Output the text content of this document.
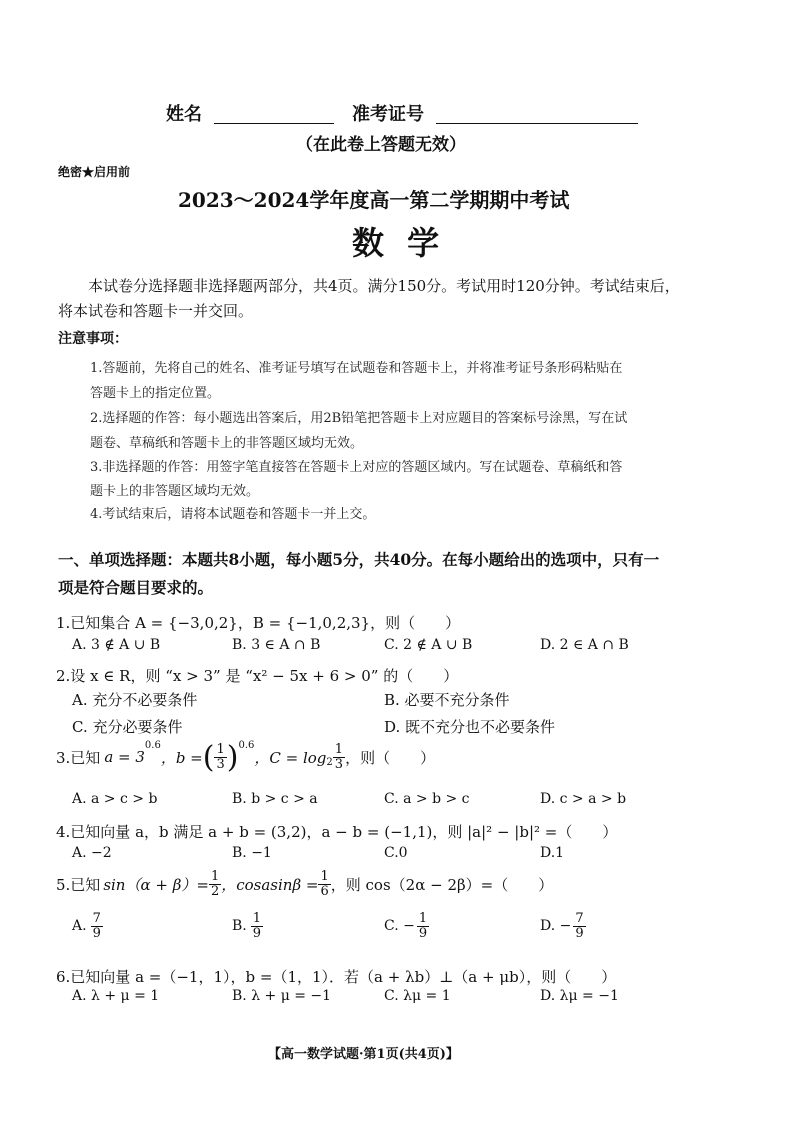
姓名	准考证号
（在此卷上答题无效）
绝密★启用前
2023～2024学年度高一第二学期期中考试
数 学
本试卷分选择题非选择题两部分，共4页。满分150分。考试用时120分钟。考试结束后，
将本试卷和答题卡一并交回。
注意事项：
1.答题前，先将自己的姓名、准考证号填写在试题卷和答题卡上，并将准考证号条形码粘贴在
答题卡上的指定位置。
2.选择题的作答：每小题选出答案后，用2B铅笔把答题卡上对应题目的答案标号涂黑，写在试
题卷、草稿纸和答题卡上的非答题区域均无效。
3.非选择题的作答：用签字笔直接答在答题卡上对应的答题区域内。写在试题卷、草稿纸和答
题卡上的非答题区域均无效。
4.考试结束后，请将本试题卷和答题卡一并上交。
一、单项选择题：本题共8小题，每小题5分，共40分。在每小题给出的选项中，只有一
项是符合题目要求的。
1.已知集合 A = {−3,0,2}，B = {−1,0,2,3}，则（　　）
A. 3 ∉ A ∪ B	B. 3 ∈ A ∩ B	C. 2 ∉ A ∪ B	D. 2 ∈ A ∩ B
2.设 x ∈ R，则 “x > 3” 是 “x² − 5x + 6 > 0” 的（　　）
A. 充分不必要条件	B. 必要不充分条件
C. 充分必要条件	D. 既不充分也不必要条件
3.已知 a = 3
$^{0.6}$
，b = ( $\frac{1}{3} )^{0.6}$
，$C = \log_2 \frac{1}{3}$ ，则（　　）
A. a > c > b	B. b > c > a	C. a > b > c	D. c > a > b
4.已知向量 a，b 满足 a + b = (3,2)，a − b = (−1,1)，则 |a|² − |b|² =（　　）
A. −2	B. −1	C.0	D.1
5.已知 $\sin(\alpha + \beta)= \frac{1}{2}$ ，cosasinβ = $\frac{1}{6}$ ，则 cos（2α − 2β）=（　　）
A. $\frac{7}{9}$	B. $\frac{1}{9}$	C. − $\frac{1}{9}$	D. − $\frac{7}{9}$
6.已知向量 a =（−1，1），b =（1，1）．若（a + λb）⊥（a + μb），则（　　）
A. λ + μ = 1	B. λ + μ = −1	C. λμ = 1	D. λμ = −1
【高一数学试题·第1页(共4页)】
